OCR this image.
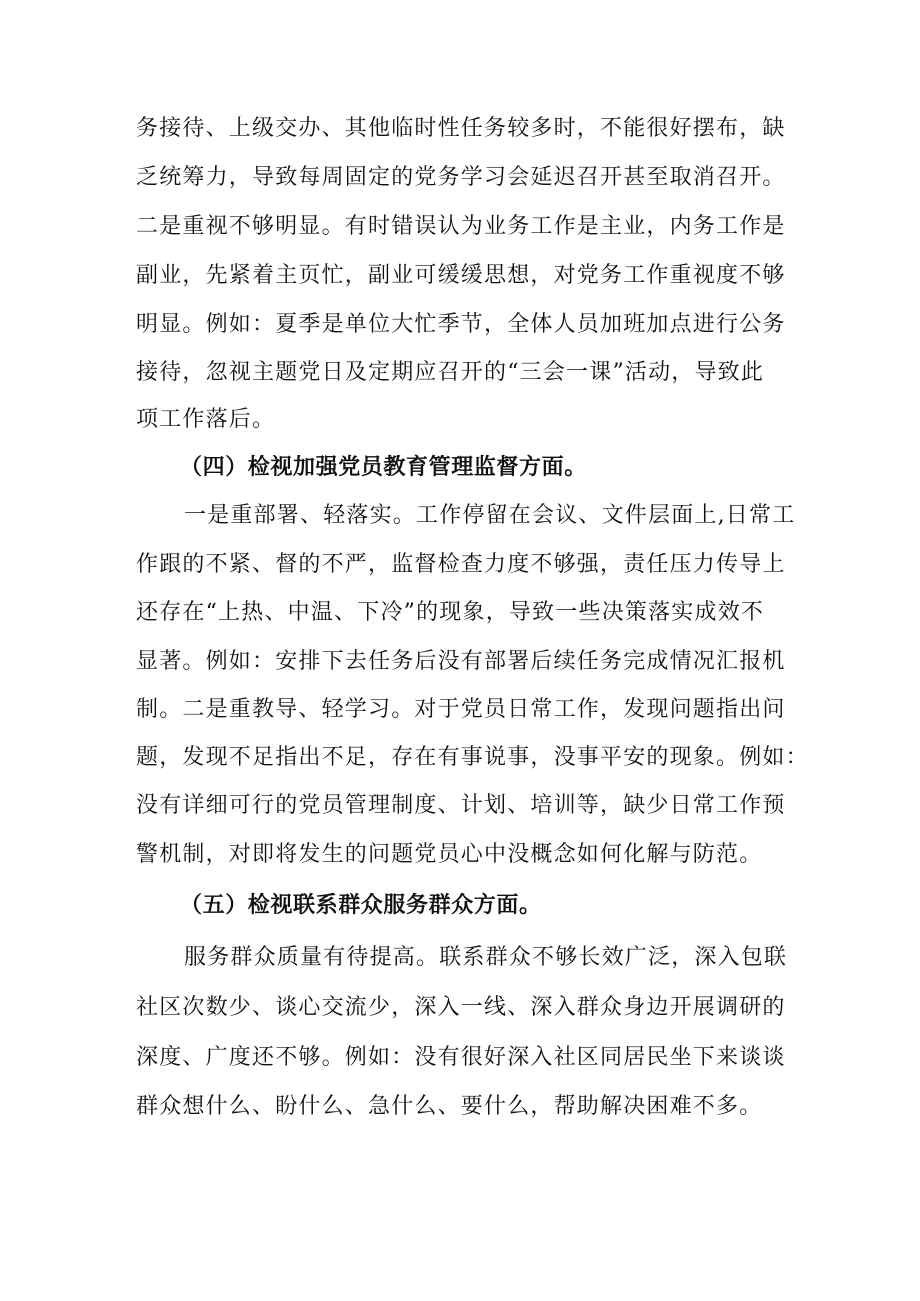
务接待、上级交办、其他临时性任务较多时，不能很好摆布，缺
乏统筹力，导致每周固定的党务学习会延迟召开甚至取消召开。
二是重视不够明显。有时错误认为业务工作是主业，内务工作是
副业，先紧着主页忙，副业可缓缓思想，对党务工作重视度不够
明显。例如：夏季是单位大忙季节，全体人员加班加点进行公务
接待，忽视主题党日及定期应召开的“三会一课”活动，导致此
项工作落后。
（四）检视加强党员教育管理监督方面。
一是重部署、轻落实。工作停留在会议、文件层面上,日常工
作跟的不紧、督的不严，监督检查力度不够强，责任压力传导上
还存在“上热、中温、下冷”的现象，导致一些决策落实成效不
显著。例如：安排下去任务后没有部署后续任务完成情况汇报机
制。二是重教导、轻学习。对于党员日常工作，发现问题指出问
题，发现不足指出不足，存在有事说事，没事平安的现象。例如：
没有详细可行的党员管理制度、计划、培训等，缺少日常工作预
警机制，对即将发生的问题党员心中没概念如何化解与防范。
（五）检视联系群众服务群众方面。
服务群众质量有待提高。联系群众不够长效广泛，深入包联
社区次数少、谈心交流少，深入一线、深入群众身边开展调研的
深度、广度还不够。例如：没有很好深入社区同居民坐下来谈谈
群众想什么、盼什么、急什么、要什么，帮助解决困难不多。
